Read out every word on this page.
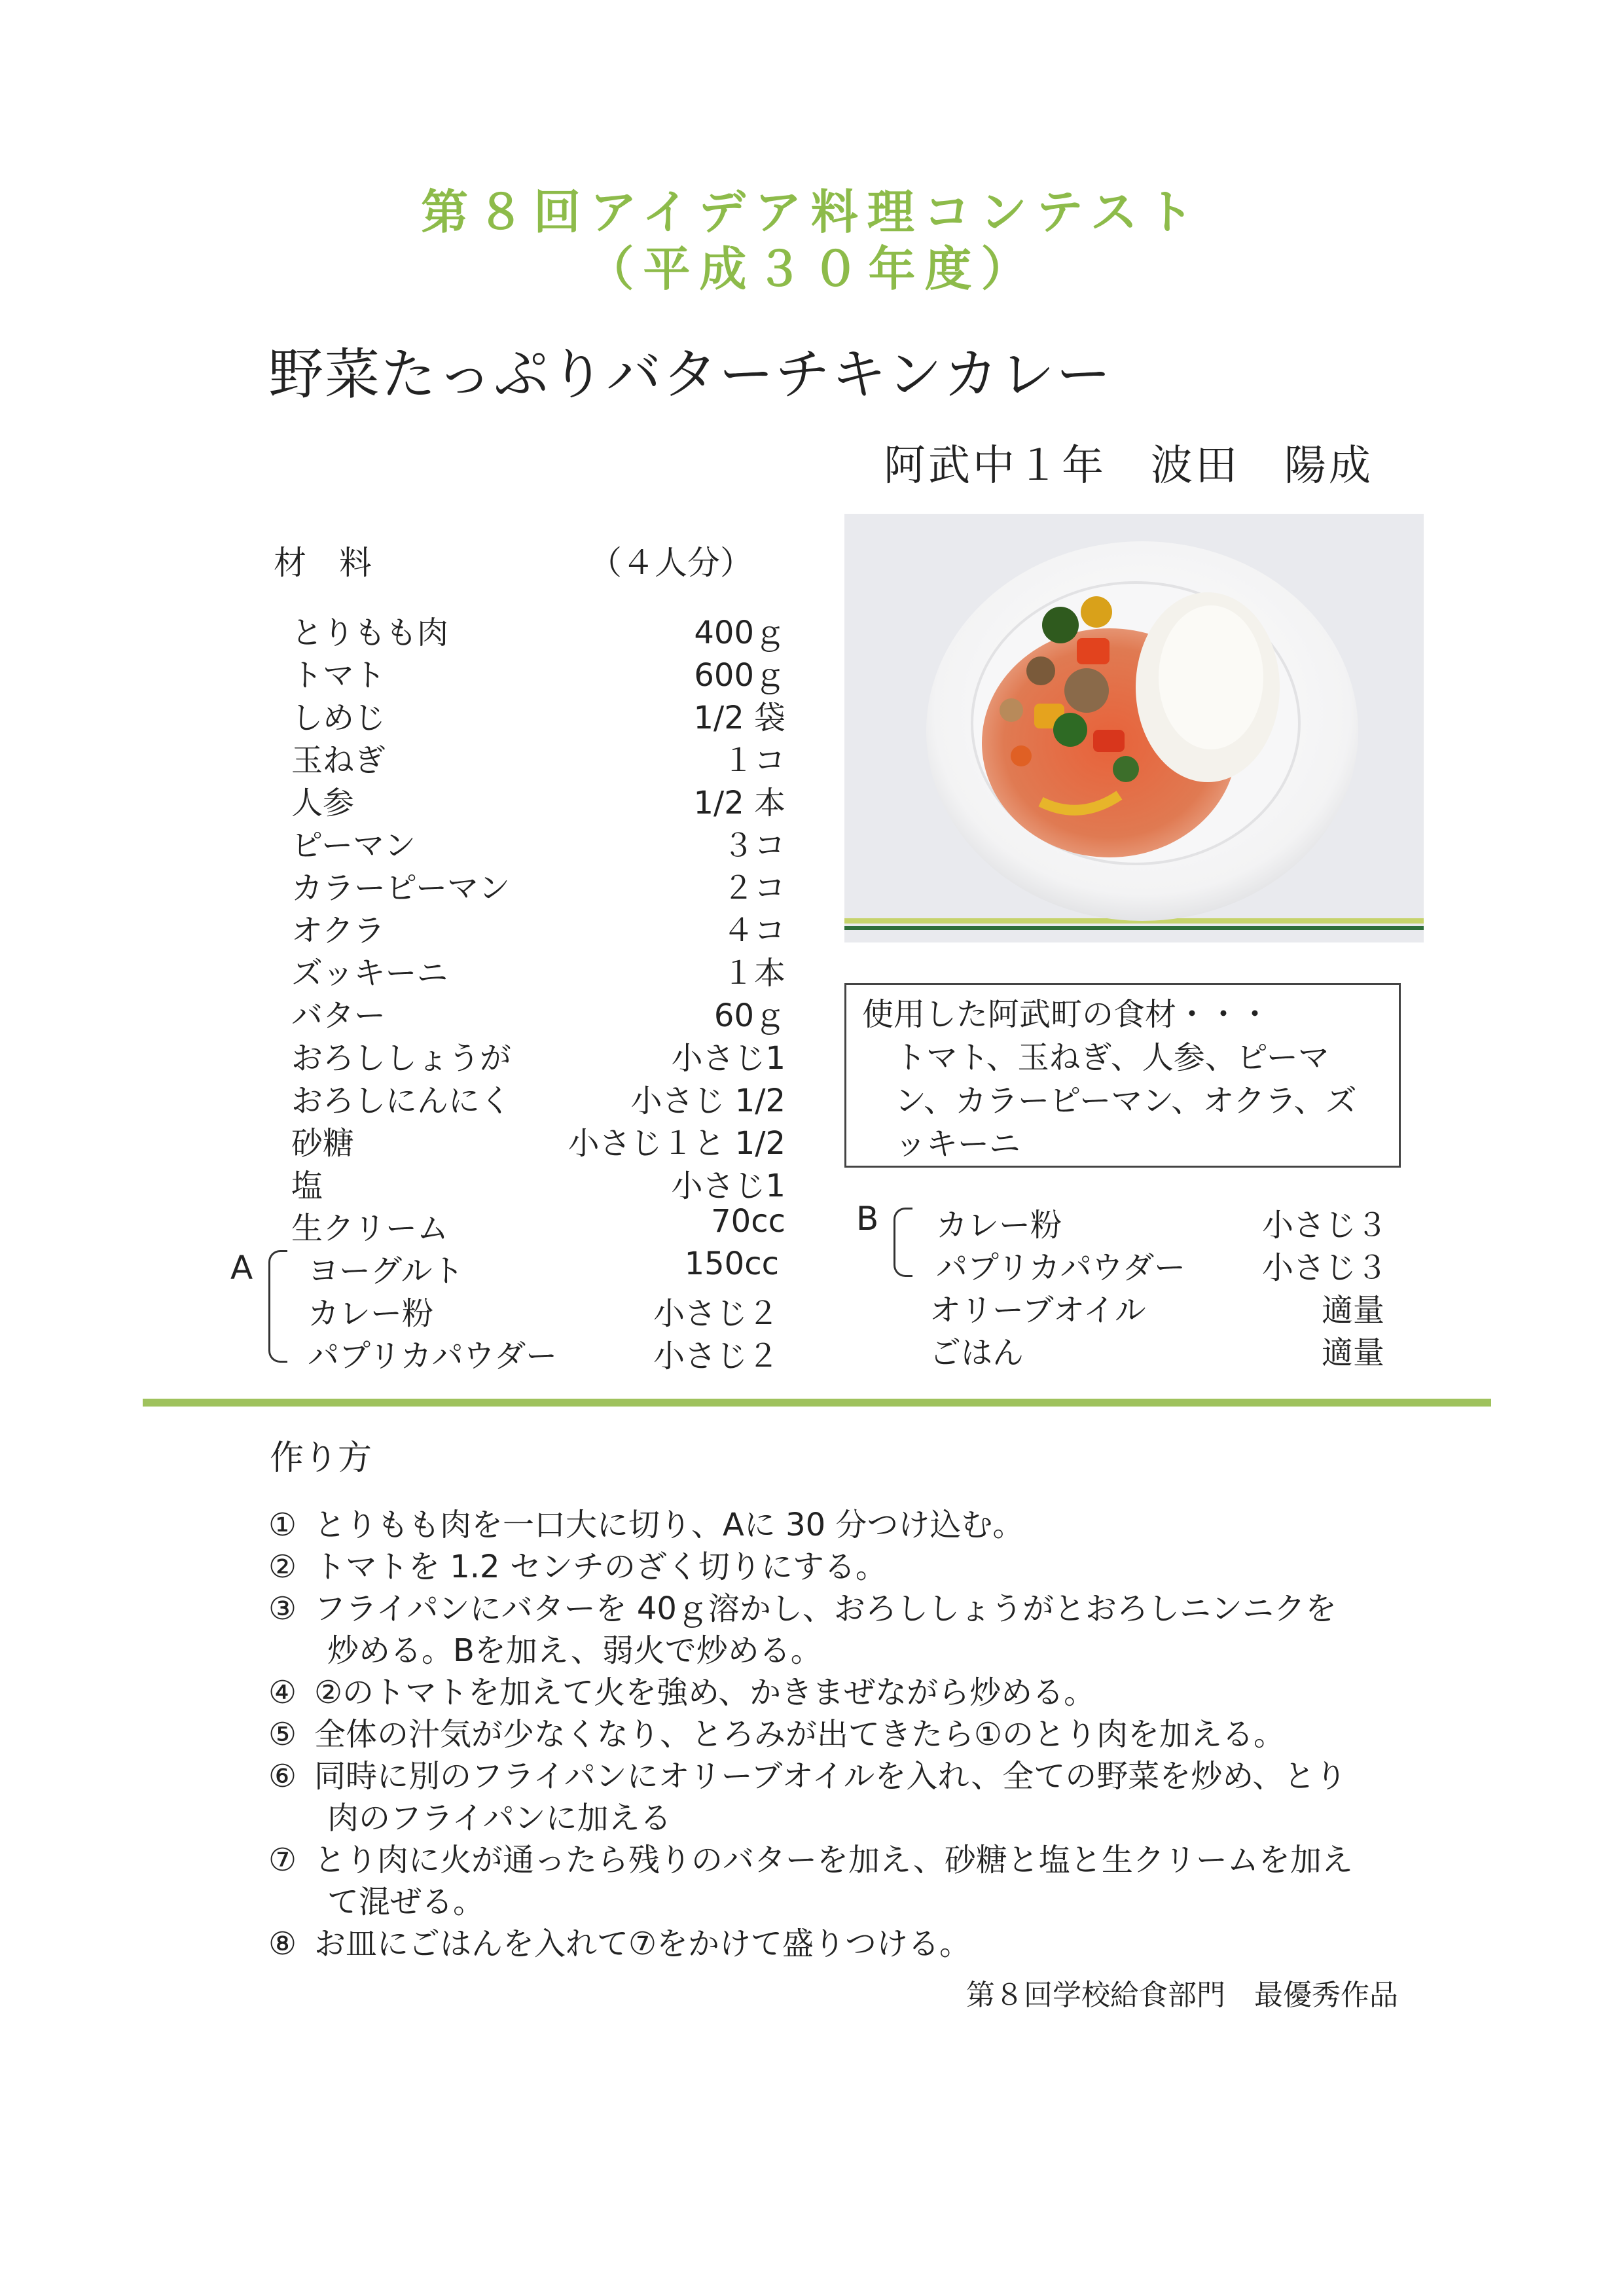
第８回アイデア料理コンテスト
（平成３０年度）
野菜たっぷりバターチキンカレー
阿武中１年　波田　陽成
材　料	（４人分）
とりもも肉	400ｇ
トマト	600ｇ
しめじ	1/2 袋
玉ねぎ	１コ
人参	1/2 本
ピーマン	３コ
カラーピーマン	２コ
オクラ	４コ
ズッキーニ	１本
バター	60ｇ
おろししょうが	小さじ1
おろしにんにく	小さじ 1/2
砂糖	小さじ１と 1/2
塩	小さじ1
生クリーム	70cc
A ヨーグルト	150cc
カレー粉	小さじ２
パプリカパウダー	小さじ２
使用した阿武町の食材・・・
トマト、玉ねぎ、人参、ピーマン、カラーピーマン、オクラ、ズッキーニ
B カレー粉	小さじ３
パプリカパウダー 小さじ３
オリーブオイル	適量
ごはん	適量
作り方
① とりもも肉を一口大に切り、Aに 30 分つけ込む。
② トマトを 1.2 センチのざく切りにする。
③ フライパンにバターを 40ｇ溶かし、おろししょうがとおろしニンニクを
炒める。Bを加え、弱火で炒める。
④ ②のトマトを加えて火を強め、かきまぜながら炒める。
⑤ 全体の汁気が少なくなり、とろみが出てきたら①のとり肉を加える。
⑥ 同時に別のフライパンにオリーブオイルを入れ、全ての野菜を炒め、とり
肉のフライパンに加える
⑦ とり肉に火が通ったら残りのバターを加え、砂糖と塩と生クリームを加え
て混ぜる。
⑧ お皿にごはんを入れて⑦をかけて盛りつける。
第８回学校給食部門　最優秀作品
